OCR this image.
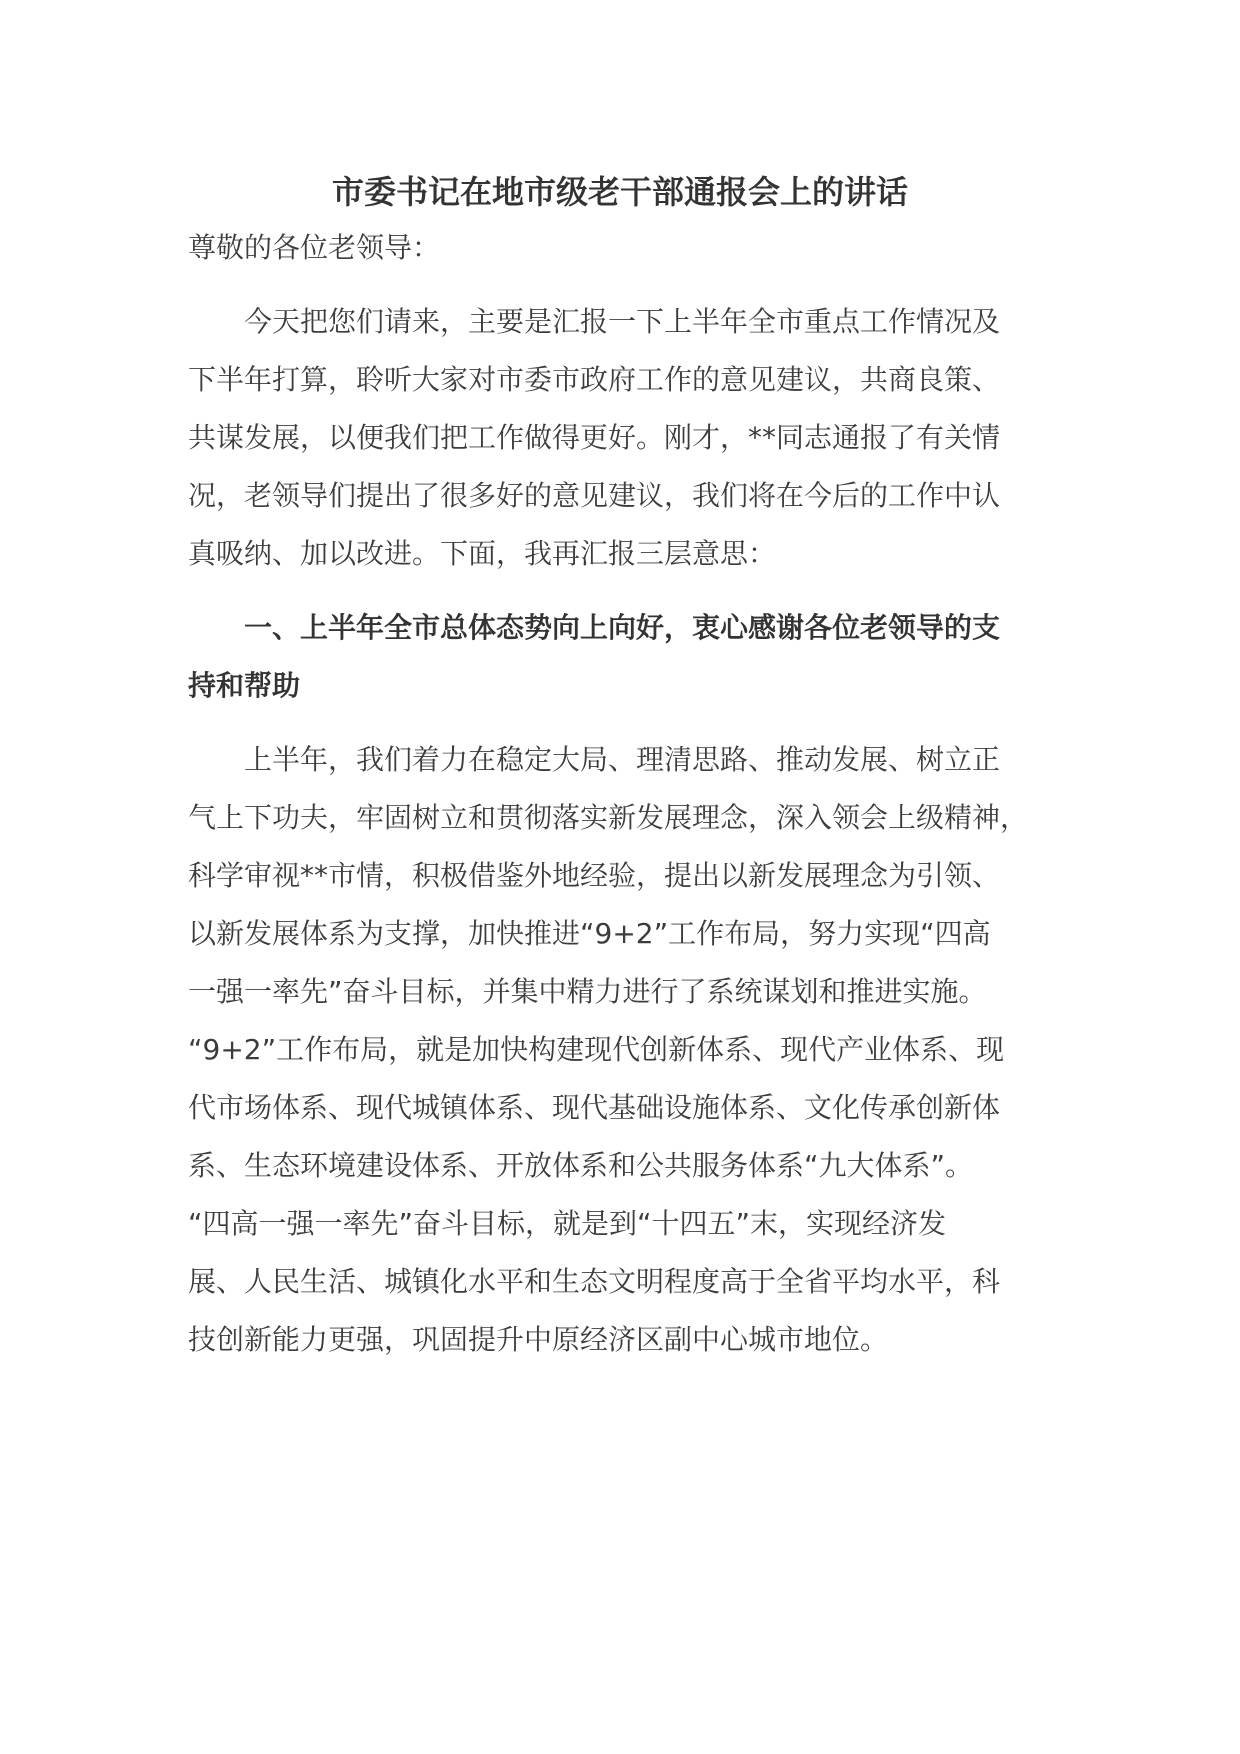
市委书记在地市级老干部通报会上的讲话

尊敬的各位老领导：

　　今天把您们请来，主要是汇报一下上半年全市重点工作情况及

下半年打算，聆听大家对市委市政府工作的意见建议，共商良策、

共谋发展，以便我们把工作做得更好。刚才，**同志通报了有关情

况，老领导们提出了很多好的意见建议，我们将在今后的工作中认

真吸纳、加以改进。下面，我再汇报三层意思：

　　一、上半年全市总体态势向上向好，衷心感谢各位老领导的支

持和帮助

　　上半年，我们着力在稳定大局、理清思路、推动发展、树立正

气上下功夫，牢固树立和贯彻落实新发展理念，深入领会上级精神，

科学审视**市情，积极借鉴外地经验，提出以新发展理念为引领、

以新发展体系为支撑，加快推进“9+2”工作布局，努力实现“四高

一强一率先”奋斗目标，并集中精力进行了系统谋划和推进实施。

“9+2”工作布局，就是加快构建现代创新体系、现代产业体系、现

代市场体系、现代城镇体系、现代基础设施体系、文化传承创新体

系、生态环境建设体系、开放体系和公共服务体系“九大体系”。

“四高一强一率先”奋斗目标，就是到“十四五”末，实现经济发

展、人民生活、城镇化水平和生态文明程度高于全省平均水平，科

技创新能力更强，巩固提升中原经济区副中心城市地位。
